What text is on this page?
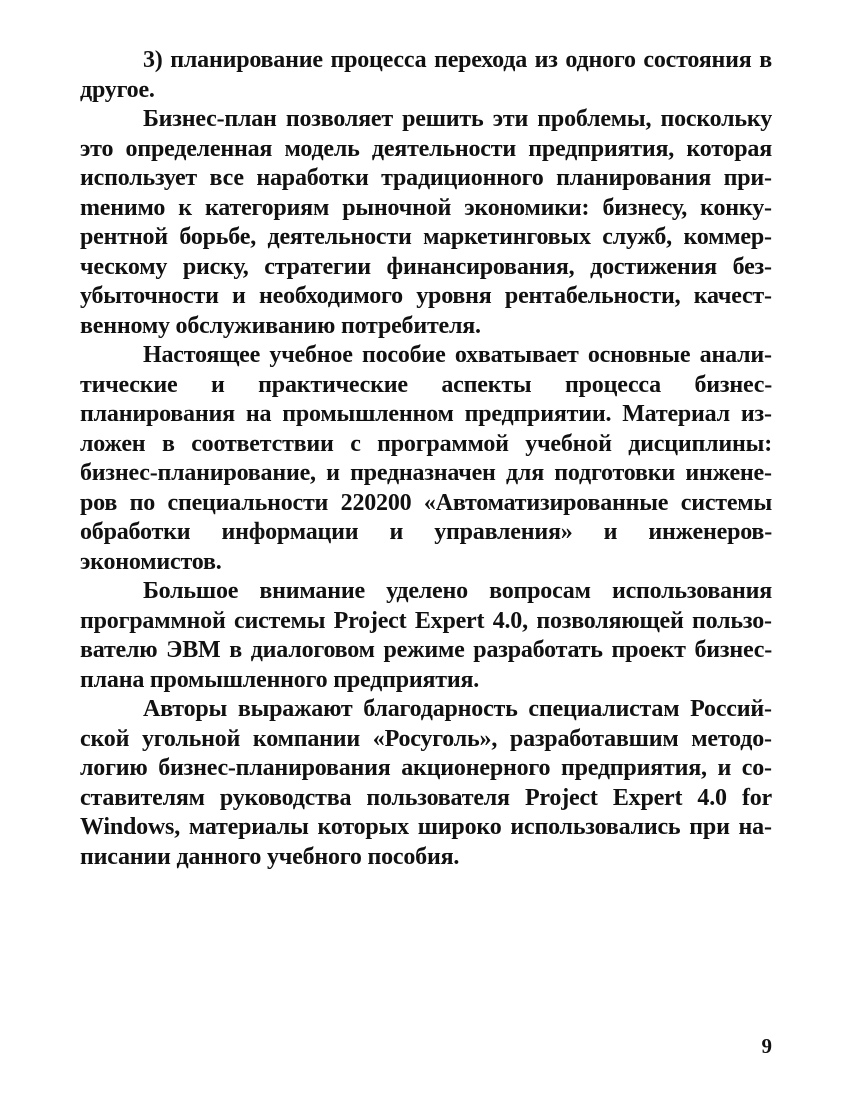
3) планирование процесса перехода из одного состояния в другое.

Бизнес-план позволяет решить эти проблемы, поскольку это определенная модель деятельности предприятия, которая использует все наработки традиционного планирования приmенимо к категориям рыночной экономики: бизнесу, конкурентной борьбе, деятельности маркетинговых служб, коммерческому риску, стратегии финансирования, достижения безубыточности и необходимого уровня рентабельности, качественному обслуживанию потребителя.

Настоящее учебное пособие охватывает основные аналитические и практические аспекты процесса бизнес-планирования на промышленном предприятии. Материал изложен в соответствии с программой учебной дисциплины: бизнес-планирование, и предназначен для подготовки инженеров по специальности 220200 «Автоматизированные системы обработки информации и управления» и инженеров-экономистов.

Большое внимание уделено вопросам использования программной системы Project Expert 4.0, позволяющей пользователю ЭВМ в диалоговом режиме разработать проект бизнес-плана промышленного предприятия.

Авторы выражают благодарность специалистам Российской угольной компании «Росуголь», разработавшим методологию бизнес-планирования акционерного предприятия, и составителям руководства пользователя Project Expert 4.0 for Windows, материалы которых широко использовались при написании данного учебного пособия.

9
